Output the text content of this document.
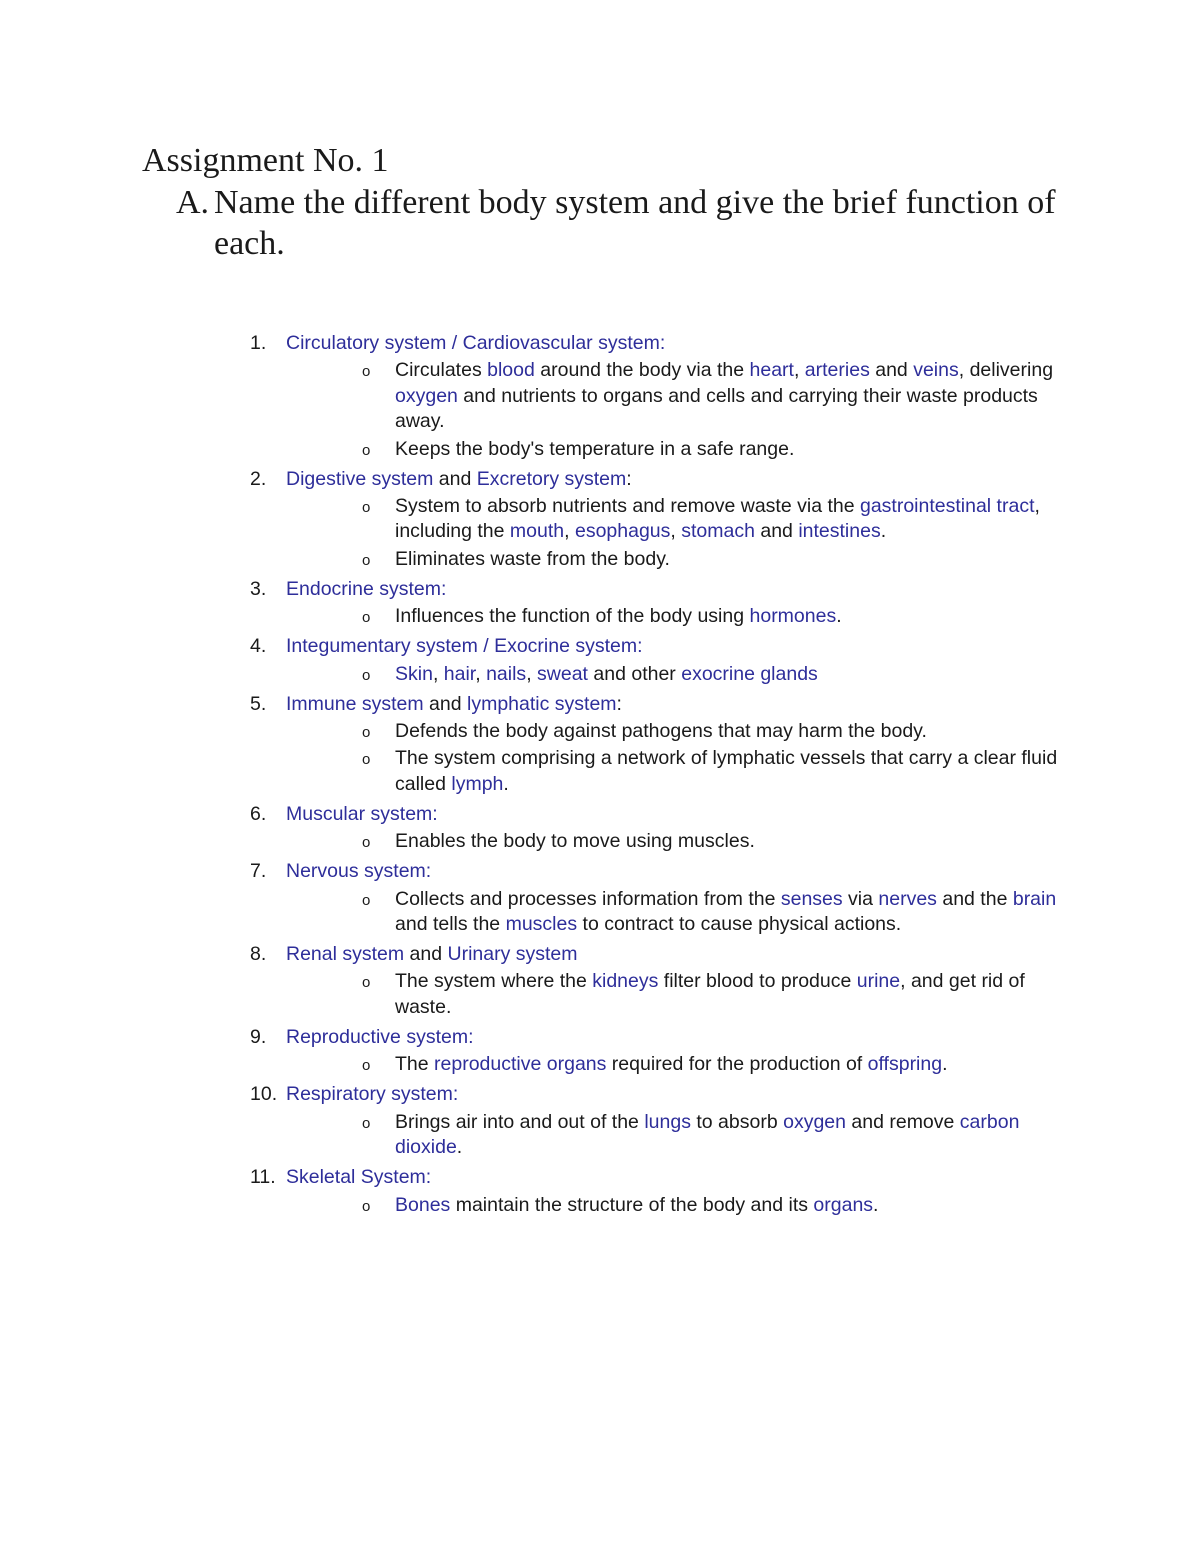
Assignment No. 1
A. Name the different body system and give the brief function of each.
1. Circulatory system / Cardiovascular system:
o Circulates blood around the body via the heart, arteries and veins, delivering oxygen and nutrients to organs and cells and carrying their waste products away.
o Keeps the body's temperature in a safe range.
2. Digestive system and Excretory system:
o System to absorb nutrients and remove waste via the gastrointestinal tract, including the mouth, esophagus, stomach and intestines.
o Eliminates waste from the body.
3. Endocrine system:
o Influences the function of the body using hormones.
4. Integumentary system / Exocrine system:
o Skin, hair, nails, sweat and other exocrine glands
5. Immune system and lymphatic system:
o Defends the body against pathogens that may harm the body.
o The system comprising a network of lymphatic vessels that carry a clear fluid called lymph.
6. Muscular system:
o Enables the body to move using muscles.
7. Nervous system:
o Collects and processes information from the senses via nerves and the brain and tells the muscles to contract to cause physical actions.
8. Renal system and Urinary system
o The system where the kidneys filter blood to produce urine, and get rid of waste.
9. Reproductive system:
o The reproductive organs required for the production of offspring.
10. Respiratory system:
o Brings air into and out of the lungs to absorb oxygen and remove carbon dioxide.
11. Skeletal System:
o Bones maintain the structure of the body and its organs.
